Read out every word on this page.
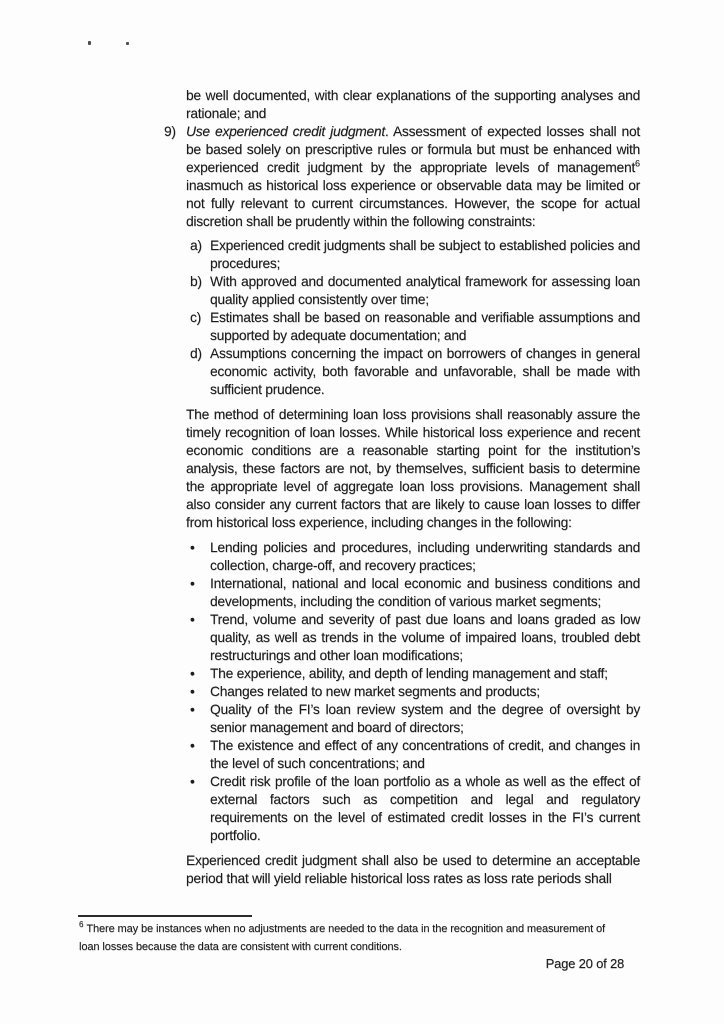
be well documented, with clear explanations of the supporting analyses and rationale; and

9) Use experienced credit judgment. Assessment of expected losses shall not be based solely on prescriptive rules or formula but must be enhanced with experienced credit judgment by the appropriate levels of management$^6$ inasmuch as historical loss experience or observable data may be limited or not fully relevant to current circumstances. However, the scope for actual discretion shall be prudently within the following constraints:
a) Experienced credit judgments shall be subject to established policies and procedures;
b) With approved and documented analytical framework for assessing loan quality applied consistently over time;
c) Estimates shall be based on reasonable and verifiable assumptions and supported by adequate documentation; and
d) Assumptions concerning the impact on borrowers of changes in general economic activity, both favorable and unfavorable, shall be made with sufficient prudence.

The method of determining loan loss provisions shall reasonably assure the timely recognition of loan losses. While historical loss experience and recent economic conditions are a reasonable starting point for the institution’s analysis, these factors are not, by themselves, sufficient basis to determine the appropriate level of aggregate loan loss provisions. Management shall also consider any current factors that are likely to cause loan losses to differ from historical loss experience, including changes in the following:

•	Lending policies and procedures, including underwriting standards and collection, charge-off, and recovery practices;
•	International, national and local economic and business conditions and developments, including the condition of various market segments;
•	Trend, volume and severity of past due loans and loans graded as low quality, as well as trends in the volume of impaired loans, troubled debt restructurings and other loan modifications;
•	The experience, ability, and depth of lending management and staff;
•	Changes related to new market segments and products;
•	Quality of the FI’s loan review system and the degree of oversight by senior management and board of directors;
•	The existence and effect of any concentrations of credit, and changes in the level of such concentrations; and
•	Credit risk profile of the loan portfolio as a whole as well as the effect of external factors such as competition and legal and regulatory requirements on the level of estimated credit losses in the FI’s current portfolio.

Experienced credit judgment shall also be used to determine an acceptable period that will yield reliable historical loss rates as loss rate periods shall

$^6$ There may be instances when no adjustments are needed to the data in the recognition and measurement of loan losses because the data are consistent with current conditions.
Page 20 of 28
